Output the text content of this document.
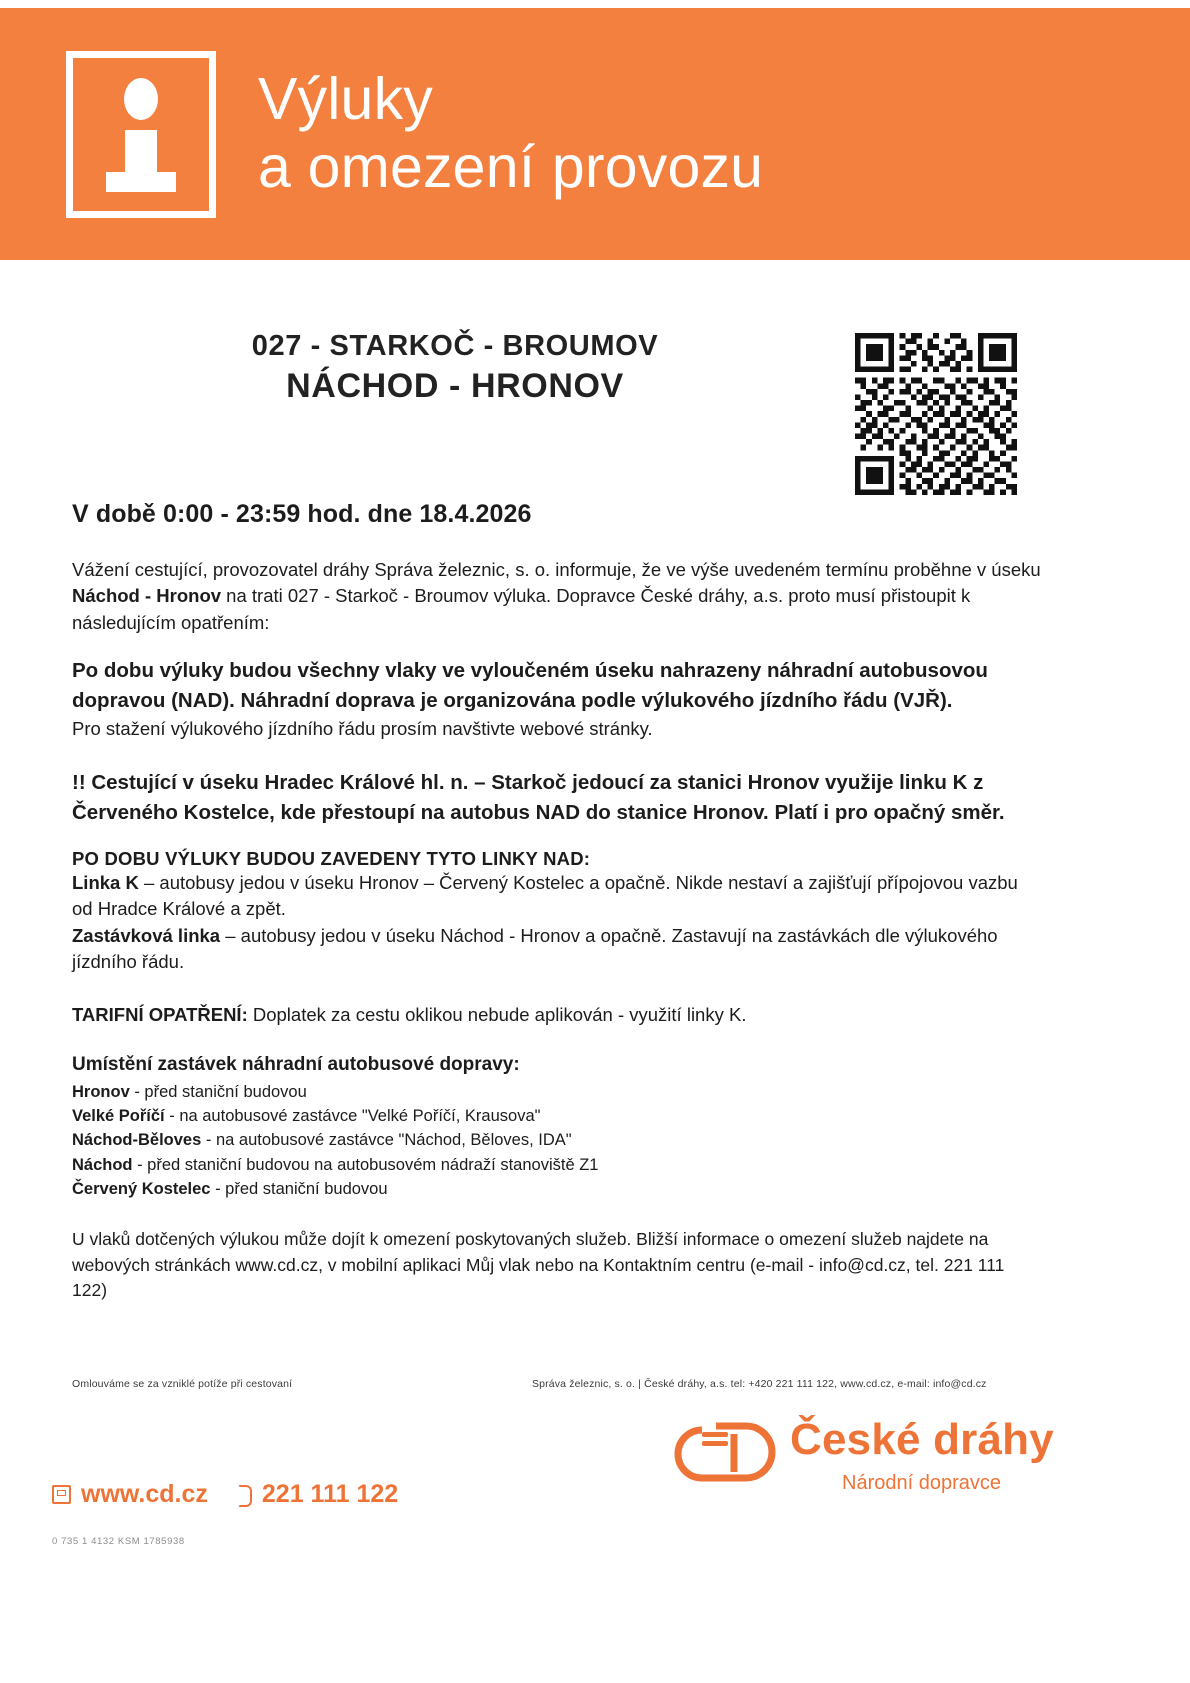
Výluky
a omezení provozu
027 - STARKOČ - BROUMOV
NÁCHOD - HRONOV

V době 0:00 - 23:59 hod. dne 18.4.2026

Vážení cestující, provozovatel dráhy Správa železnic, s. o. informuje, že ve výše uvedeném termínu proběhne v úseku Náchod - Hronov na trati 027 - Starkoč - Broumov výluka. Dopravce České dráhy, a.s. proto musí přistoupit k následujícím opatřením:

Po dobu výluky budou všechny vlaky ve vyloučeném úseku nahrazeny náhradní autobusovou dopravou (NAD). Náhradní doprava je organizována podle výlukového jízdního řádu (VJŘ).

Pro stažení výlukového jízdního řádu prosím navštivte webové stránky.

!! Cestující v úseku Hradec Králové hl. n. – Starkoč jedoucí za stanici Hronov využije linku K z Červeného Kostelce, kde přestoupí na autobus NAD do stanice Hronov. Platí i pro opačný směr.

PO DOBU VÝLUKY BUDOU ZAVEDENY TYTO LINKY NAD:

Linka K – autobusy jedou v úseku Hronov – Červený Kostelec a opačně. Nikde nestaví a zajišťují přípojovou vazbu od Hradce Králové a zpět.

Zastávková linka – autobusy jedou v úseku Náchod - Hronov a opačně. Zastavují na zastávkách dle výlukového jízdního řádu.

TARIFNÍ OPATŘENÍ: Doplatek za cestu oklikou nebude aplikován - využití linky K.

Umístění zastávek náhradní autobusové dopravy:

Hronov - před staniční budovou

Velké Poříčí - na autobusové zastávce "Velké Poříčí, Krausova"

Náchod-Běloves - na autobusové zastávce "Náchod, Běloves, IDA"

Náchod - před staniční budovou na autobusovém nádraží stanoviště Z1

Červený Kostelec - před staniční budovou

U vlaků dotčených výlukou může dojít k omezení poskytovaných služeb. Bližší informace o omezení služeb najdete na webových stránkách www.cd.cz, v mobilní aplikaci Můj vlak nebo na Kontaktním centru (e-mail - info@cd.cz, tel. 221 111 122)

Omlouváme se za vzniklé potíže při cestovaní	Správa železnic, s. o. | České dráhy, a.s. tel: +420 221 111 122, www.cd.cz, e-mail: info@cd.cz
www.cd.cz 221 111 122
České dráhy
Národní dopravce
0 735 1 4132 KSM 1785938
